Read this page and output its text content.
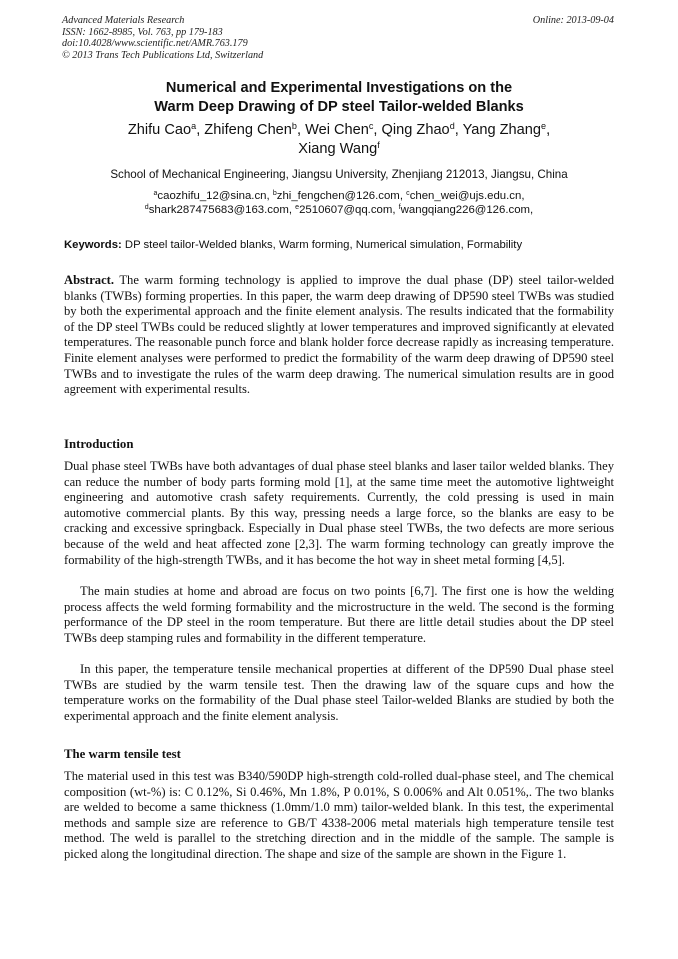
Advanced Materials Research
ISSN: 1662-8985, Vol. 763, pp 179-183
doi:10.4028/www.scientific.net/AMR.763.179
© 2013 Trans Tech Publications Ltd, Switzerland
Online: 2013-09-04
Numerical and Experimental Investigations on the
Warm Deep Drawing of DP steel Tailor-welded Blanks
Zhifu Cao$^a$, Zhifeng Chen$^b$, Wei Chen$^c$, Qing Zhao$^d$, Yang Zhang$^e$,
Xiang Wang$^f$
School of Mechanical Engineering, Jiangsu University, Zhenjiang 212013, Jiangsu, China
$^a$caozhifu_12@sina.cn, $^b$zhi_fengchen@126.com, $^c$chen_wei@ujs.edu.cn,
$^d$shark287475683@163.com, $^e$2510607@qq.com, $^f$wangqiang226@126.com,
Keywords: DP steel tailor-Welded blanks, Warm forming, Numerical simulation, Formability

Abstract. The warm forming technology is applied to improve the dual phase (DP) steel tailor-welded blanks (TWBs) forming properties. In this paper, the warm deep drawing of DP590 steel TWBs was studied by both the experimental approach and the finite element analysis. The results indicated that the formability of the DP steel TWBs could be reduced slightly at lower temperatures and improved significantly at elevated temperatures. The reasonable punch force and blank holder force decrease rapidly as increasing temperature. Finite element analyses were performed to predict the formability of the warm deep drawing of DP590 steel TWBs and to investigate the rules of the warm deep drawing. The numerical simulation results are in good agreement with experimental results.

Introduction

Dual phase steel TWBs have both advantages of dual phase steel blanks and laser tailor welded blanks. They can reduce the number of body parts forming mold [1], at the same time meet the automotive lightweight engineering and automotive crash safety requirements. Currently, the cold pressing is used in main automotive commercial plants. By this way, pressing needs a large force, so the blanks are easy to be cracking and excessive springback. Especially in Dual phase steel TWBs, the two defects are more serious because of the weld and heat affected zone [2,3]. The warm forming technology can greatly improve the formability of the high-strength TWBs, and it has become the hot way in sheet metal forming [4,5].

The main studies at home and abroad are focus on two points [6,7]. The first one is how the welding process affects the weld forming formability and the microstructure in the weld. The second is the forming performance of the DP steel in the room temperature. But there are little detail studies about the DP steel TWBs deep stamping rules and formability in the different temperature.

In this paper, the temperature tensile mechanical properties at different of the DP590 Dual phase steel TWBs are studied by the warm tensile test. Then the drawing law of the square cups and how the temperature works on the formability of the Dual phase steel Tailor-welded Blanks are studied by both the experimental approach and the finite element analysis.

The warm tensile test

The material used in this test was B340/590DP high-strength cold-rolled dual-phase steel, and The chemical composition (wt-%) is: C 0.12%, Si 0.46%, Mn 1.8%, P 0.01%, S 0.006% and Alt 0.051%,. The two blanks are welded to become a same thickness (1.0mm/1.0 mm) tailor-welded blank. In this test, the experimental methods and sample size are reference to GB/T 4338-2006 metal materials high temperature tensile test method. The weld is parallel to the stretching direction and in the middle of the sample. The sample is picked along the longitudinal direction. The shape and size of the sample are shown in the Figure 1.
